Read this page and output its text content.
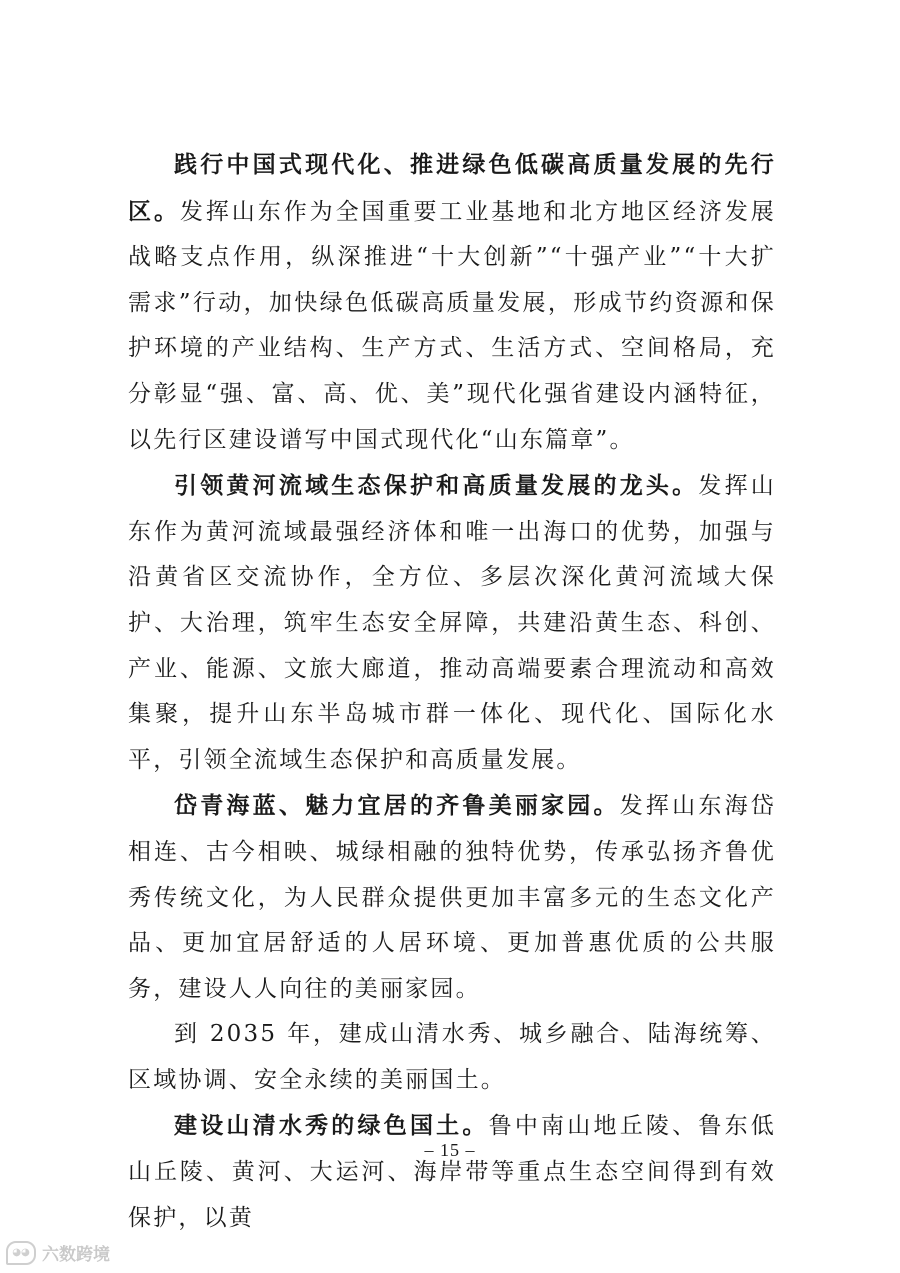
践行中国式现代化、推进绿色低碳高质量发展的先行区。发挥山东作为全国重要工业基地和北方地区经济发展战略支点作用，纵深推进“十大创新”“十强产业”“十大扩需求”行动，加快绿色低碳高质量发展，形成节约资源和保护环境的产业结构、生产方式、生活方式、空间格局，充分彰显“强、富、高、优、美”现代化强省建设内涵特征，以先行区建设谱写中国式现代化“山东篇章”。

引领黄河流域生态保护和高质量发展的龙头。发挥山东作为黄河流域最强经济体和唯一出海口的优势，加强与沿黄省区交流协作，全方位、多层次深化黄河流域大保护、大治理，筑牢生态安全屏障，共建沿黄生态、科创、产业、能源、文旅大廊道，推动高端要素合理流动和高效集聚，提升山东半岛城市群一体化、现代化、国际化水平，引领全流域生态保护和高质量发展。

岱青海蓝、魅力宜居的齐鲁美丽家园。发挥山东海岱相连、古今相映、城绿相融的独特优势，传承弘扬齐鲁优秀传统文化，为人民群众提供更加丰富多元的生态文化产品、更加宜居舒适的人居环境、更加普惠优质的公共服务，建设人人向往的美丽家园。

到 2035 年，建成山清水秀、城乡融合、陆海统筹、区域协调、安全永续的美丽国土。

建设山清水秀的绿色国土。鲁中南山地丘陵、鲁东低山丘陵、黄河、大运河、海岸带等重点生态空间得到有效保护，以黄

– 15 –
◕◕ 六数跨境
